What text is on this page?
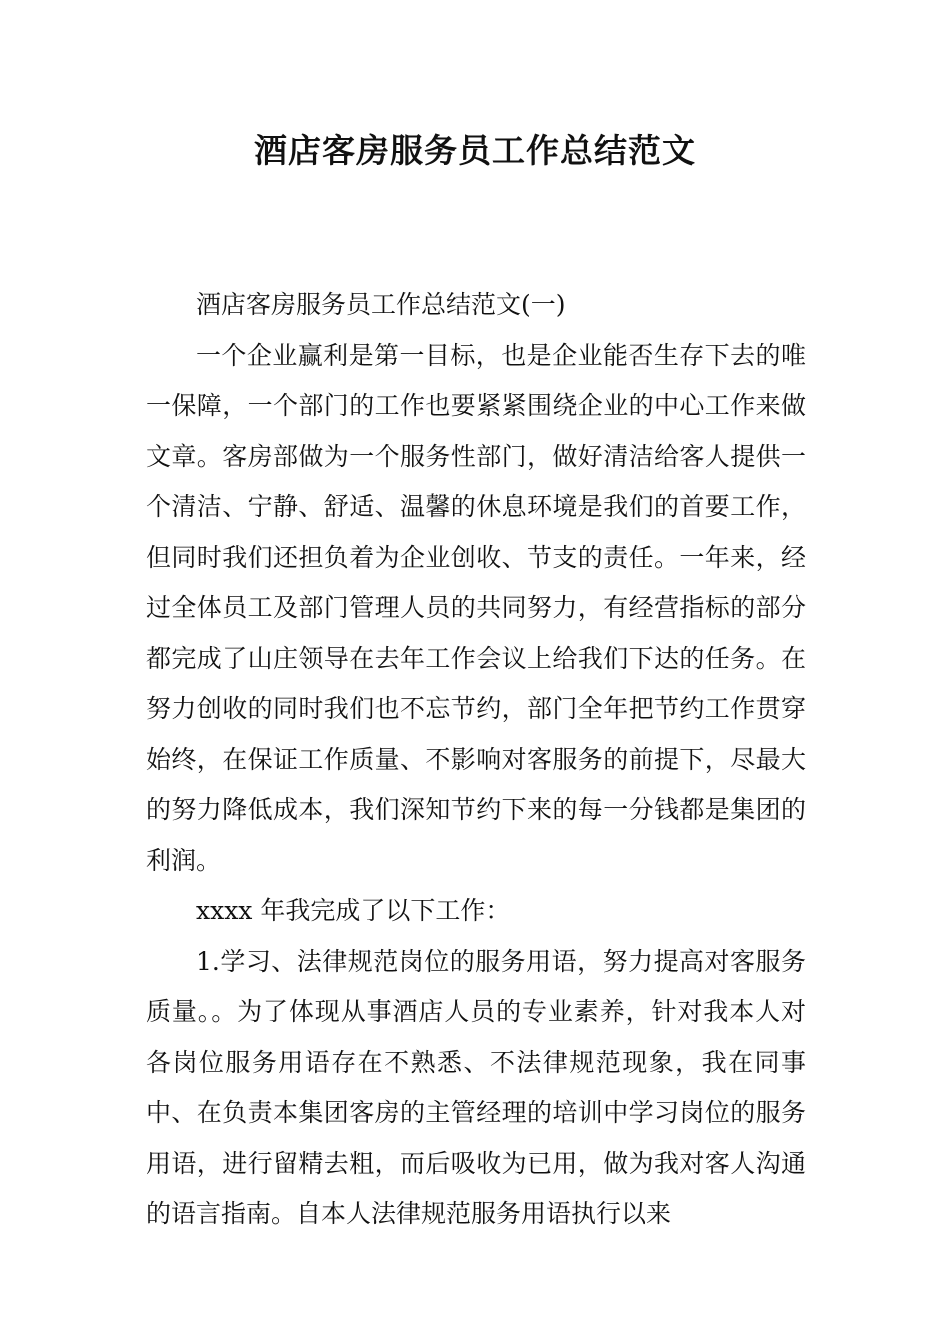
酒店客房服务员工作总结范文

酒店客房服务员工作总结范文(一)

一个企业赢利是第一目标，也是企业能否生存下去的唯一保障，一个部门的工作也要紧紧围绕企业的中心工作来做文章。客房部做为一个服务性部门，做好清洁给客人提供一个清洁、宁静、舒适、温馨的休息环境是我们的首要工作，但同时我们还担负着为企业创收、节支的责任。一年来，经过全体员工及部门管理人员的共同努力，有经营指标的部分都完成了山庄领导在去年工作会议上给我们下达的任务。在努力创收的同时我们也不忘节约，部门全年把节约工作贯穿始终，在保证工作质量、不影响对客服务的前提下，尽最大的努力降低成本，我们深知节约下来的每一分钱都是集团的利润。

xxxx 年我完成了以下工作：

1.学习、法律规范岗位的服务用语，努力提高对客服务质量。。为了体现从事酒店人员的专业素养，针对我本人对各岗位服务用语存在不熟悉、不法律规范现象，我在同事中、在负责本集团客房的主管经理的培训中学习岗位的服务用语，进行留精去粗，而后吸收为已用，做为我对客人沟通的语言指南。自本人法律规范服务用语执行以来
